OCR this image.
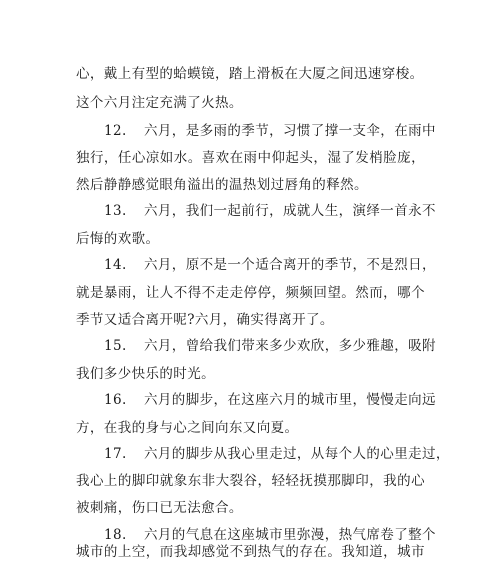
心，戴上有型的蛤蟆镜，踏上滑板在大厦之间迅速穿梭。
这个六月注定充满了火热。
12. 六月，是多雨的季节，习惯了撑一支伞，在雨中
独行，任心凉如水。喜欢在雨中仰起头，湿了发梢脸庞，
然后静静感觉眼角溢出的温热划过唇角的释然。
13. 六月，我们一起前行，成就人生，演绎一首永不
后悔的欢歌。
14. 六月，原不是一个适合离开的季节，不是烈日，
就是暴雨，让人不得不走走停停，频频回望。然而，哪个
季节又适合离开呢?六月，确实得离开了。
15. 六月，曾给我们带来多少欢欣，多少雅趣，吸附
我们多少快乐的时光。
16. 六月的脚步，在这座六月的城市里，慢慢走向远
方，在我的身与心之间向东又向夏。
17. 六月的脚步从我心里走过，从每个人的心里走过，
我心上的脚印就象东非大裂谷，轻轻抚摸那脚印，我的心
被刺痛，伤口已无法愈合。
18. 六月的气息在这座城市里弥漫，热气席卷了整个
城市的上空，而我却感觉不到热气的存在。我知道，城市
